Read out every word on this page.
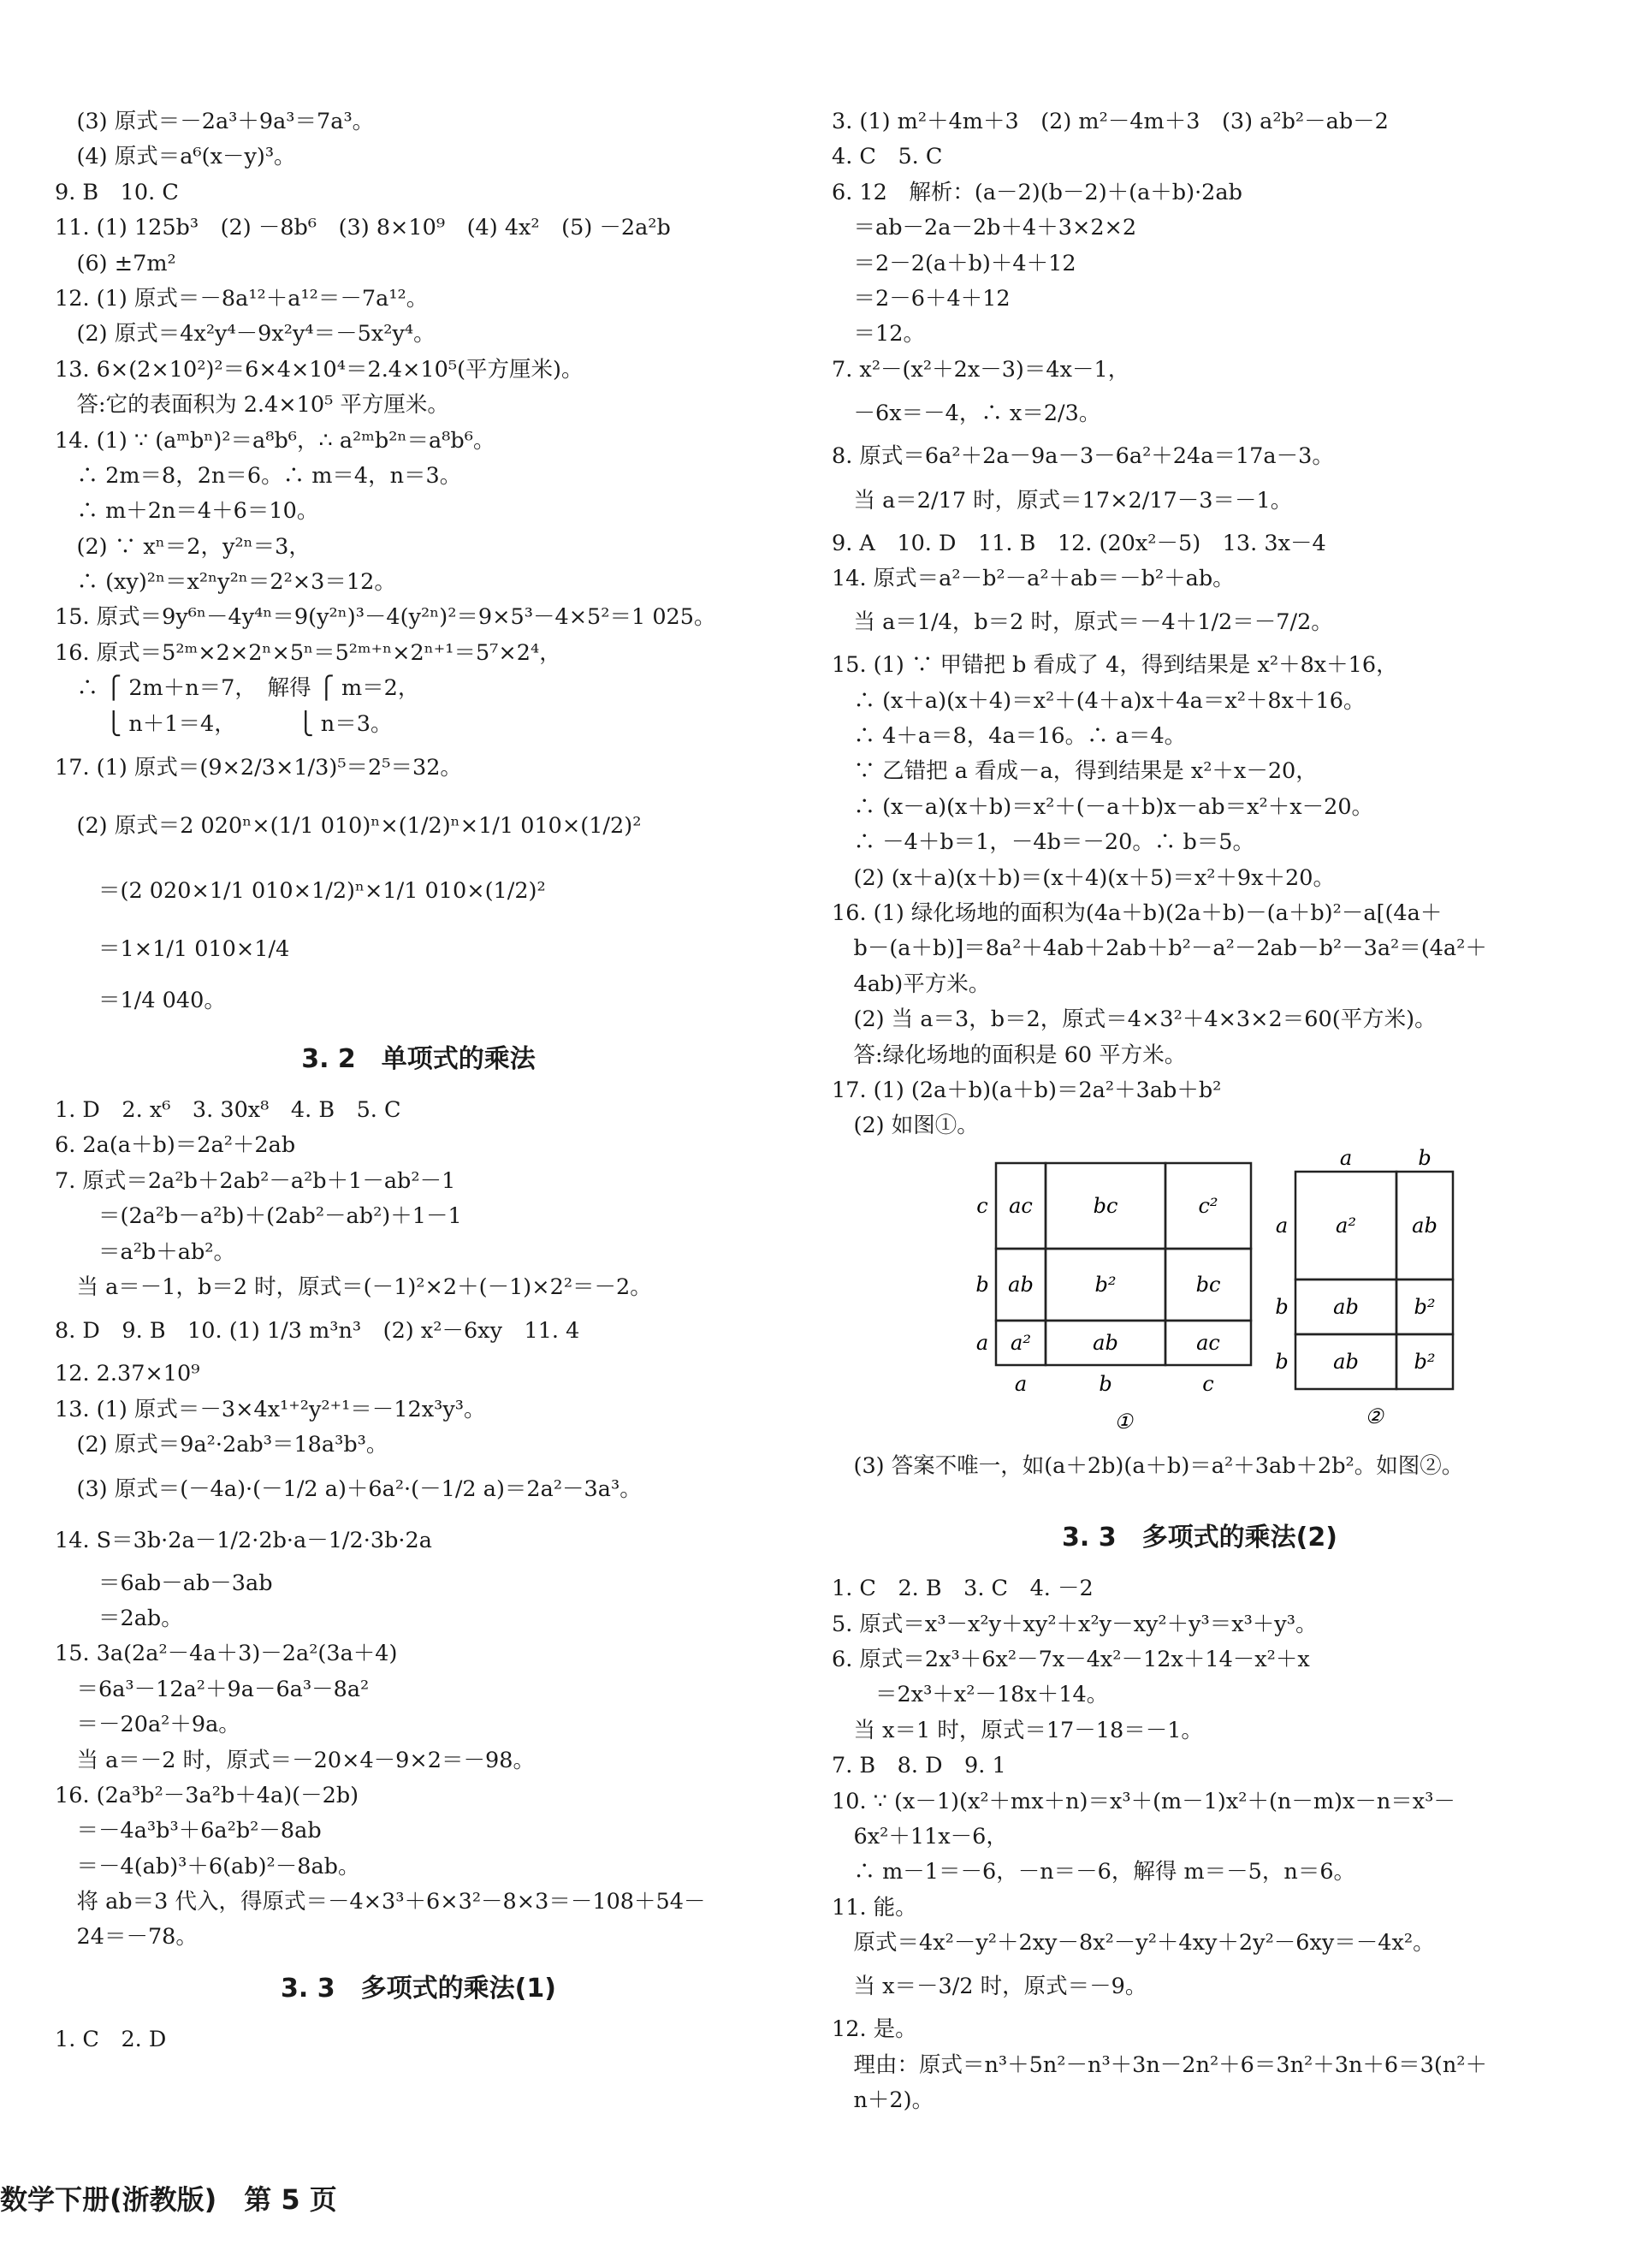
　(3) 原式＝－2a³＋9a³＝7a³。
　(4) 原式＝a⁶(x－y)³。
9. B　10. C
11. (1) 125b³　(2) －8b⁶　(3) 8×10⁹　(4) 4x²　(5) －2a²b
　(6) ±7m²
12. (1) 原式＝－8a¹²＋a¹²＝－7a¹²。
　(2) 原式＝4x²y⁴－9x²y⁴＝－5x²y⁴。
13. 6×(2×10²)²＝6×4×10⁴＝2.4×10⁵(平方厘米)。
　答:它的表面积为 2.4×10⁵ 平方厘米。
14. (1) ∵ (aᵐbⁿ)²＝a⁸b⁶，∴ a²ᵐb²ⁿ＝a⁸b⁶。
　∴ 2m＝8，2n＝6。∴ m＝4，n＝3。
　∴ m＋2n＝4＋6＝10。
　(2) ∵ xⁿ＝2，y²ⁿ＝3，
　∴ (xy)²ⁿ＝x²ⁿy²ⁿ＝2²×3＝12。
15. 原式＝9y⁶ⁿ－4y⁴ⁿ＝9(y²ⁿ)³－4(y²ⁿ)²＝9×5³－4×5²＝1 025。
16. 原式＝5²ᵐ×2×2ⁿ×5ⁿ＝5²ᵐ⁺ⁿ×2ⁿ⁺¹＝5⁷×2⁴，
　∴ ⎧ 2m＋n＝7，　解得 ⎧ m＝2，
　　 ⎩ n＋1＝4，　　　 ⎩ n＝3。
17. (1) 原式＝(9×2/3×1/3)⁵＝2⁵＝32。
　(2) 原式＝2 020ⁿ×(1/1 010)ⁿ×(1/2)ⁿ×1/1 010×(1/2)²
　　＝(2 020×1/1 010×1/2)ⁿ×1/1 010×(1/2)²
　　＝1×1/1 010×1/4
　　＝1/4 040。
3. 2　单项式的乘法
1. D　2. x⁶　3. 30x⁸　4. B　5. C
6. 2a(a＋b)＝2a²＋2ab
7. 原式＝2a²b＋2ab²－a²b＋1－ab²－1
　　＝(2a²b－a²b)＋(2ab²－ab²)＋1－1
　　＝a²b＋ab²。
　当 a＝－1，b＝2 时，原式＝(－1)²×2＋(－1)×2²＝－2。
8. D　9. B　10. (1) 1/3 m³n³　(2) x²－6xy　11. 4
12. 2.37×10⁹
13. (1) 原式＝－3×4x¹⁺²y²⁺¹＝－12x³y³。
　(2) 原式＝9a²·2ab³＝18a³b³。
　(3) 原式＝(－4a)·(－1/2 a)＋6a²·(－1/2 a)＝2a²－3a³。
14. S＝3b·2a－1/2·2b·a－1/2·3b·2a
　　＝6ab－ab－3ab
　　＝2ab。
15. 3a(2a²－4a＋3)－2a²(3a＋4)
　＝6a³－12a²＋9a－6a³－8a²
　＝－20a²＋9a。
　当 a＝－2 时，原式＝－20×4－9×2＝－98。
16. (2a³b²－3a²b＋4a)(－2b)
　＝－4a³b³＋6a²b²－8ab
　＝－4(ab)³＋6(ab)²－8ab。
　将 ab＝3 代入，得原式＝－4×3³＋6×3²－8×3＝－108＋54－
　24＝－78。
3. 3　多项式的乘法(1)
1. C　2. D
3. (1) m²＋4m＋3　(2) m²－4m＋3　(3) a²b²－ab－2
4. C　5. C
6. 12　解析：(a－2)(b－2)＋(a＋b)·2ab
　＝ab－2a－2b＋4＋3×2×2
　＝2－2(a＋b)＋4＋12
　＝2－6＋4＋12
　＝12。
7. x²－(x²＋2x－3)＝4x－1，
　－6x＝－4，∴ x＝2/3。
8. 原式＝6a²＋2a－9a－3－6a²＋24a＝17a－3。
　当 a＝2/17 时，原式＝17×2/17－3＝－1。
9. A　10. D　11. B　12. (20x²－5)　13. 3x－4
14. 原式＝a²－b²－a²＋ab＝－b²＋ab。
　当 a＝1/4，b＝2 时，原式＝－4＋1/2＝－7/2。
15. (1) ∵ 甲错把 b 看成了 4，得到结果是 x²＋8x＋16，
　∴ (x＋a)(x＋4)＝x²＋(4＋a)x＋4a＝x²＋8x＋16。
　∴ 4＋a＝8，4a＝16。∴ a＝4。
　∵ 乙错把 a 看成－a，得到结果是 x²＋x－20，
　∴ (x－a)(x＋b)＝x²＋(－a＋b)x－ab＝x²＋x－20。
　∴ －4＋b＝1，－4b＝－20。∴ b＝5。
　(2) (x＋a)(x＋b)＝(x＋4)(x＋5)＝x²＋9x＋20。
16. (1) 绿化场地的面积为(4a＋b)(2a＋b)－(a＋b)²－a[(4a＋
　b－(a＋b)]＝8a²＋4ab＋2ab＋b²－a²－2ab－b²－3a²＝(4a²＋
　4ab)平方米。
　(2) 当 a＝3，b＝2，原式＝4×3²＋4×3×2＝60(平方米)。
　答:绿化场地的面积是 60 平方米。
17. (1) (2a＋b)(a＋b)＝2a²＋3ab＋b²
　(2) 如图①。
ac	bc	c²
c
ab	b²	bc
b
a²	ab	ac
a
a	b	c
①
a	b
a²	ab
a
ab	b²
b
ab	b²
b
②
　(3) 答案不唯一，如(a＋2b)(a＋b)＝a²＋3ab＋2b²。如图②。
3. 3　多项式的乘法(2)
1. C　2. B　3. C　4. －2
5. 原式＝x³－x²y＋xy²＋x²y－xy²＋y³＝x³＋y³。
6. 原式＝2x³＋6x²－7x－4x²－12x＋14－x²＋x
　　＝2x³＋x²－18x＋14。
　当 x＝1 时，原式＝17－18＝－1。
7. B　8. D　9. 1
10. ∵ (x－1)(x²＋mx＋n)＝x³＋(m－1)x²＋(n－m)x－n＝x³－
　6x²＋11x－6，
　∴ m－1＝－6，－n＝－6，解得 m＝－5，n＝6。
11. 能。
　原式＝4x²－y²＋2xy－8x²－y²＋4xy＋2y²－6xy＝－4x²。
　当 x＝－3/2 时，原式＝－9。
12. 是。
　理由：原式＝n³＋5n²－n³＋3n－2n²＋6＝3n²＋3n＋6＝3(n²＋
　n＋2)。
数学下册(浙教版)　第 5 页
